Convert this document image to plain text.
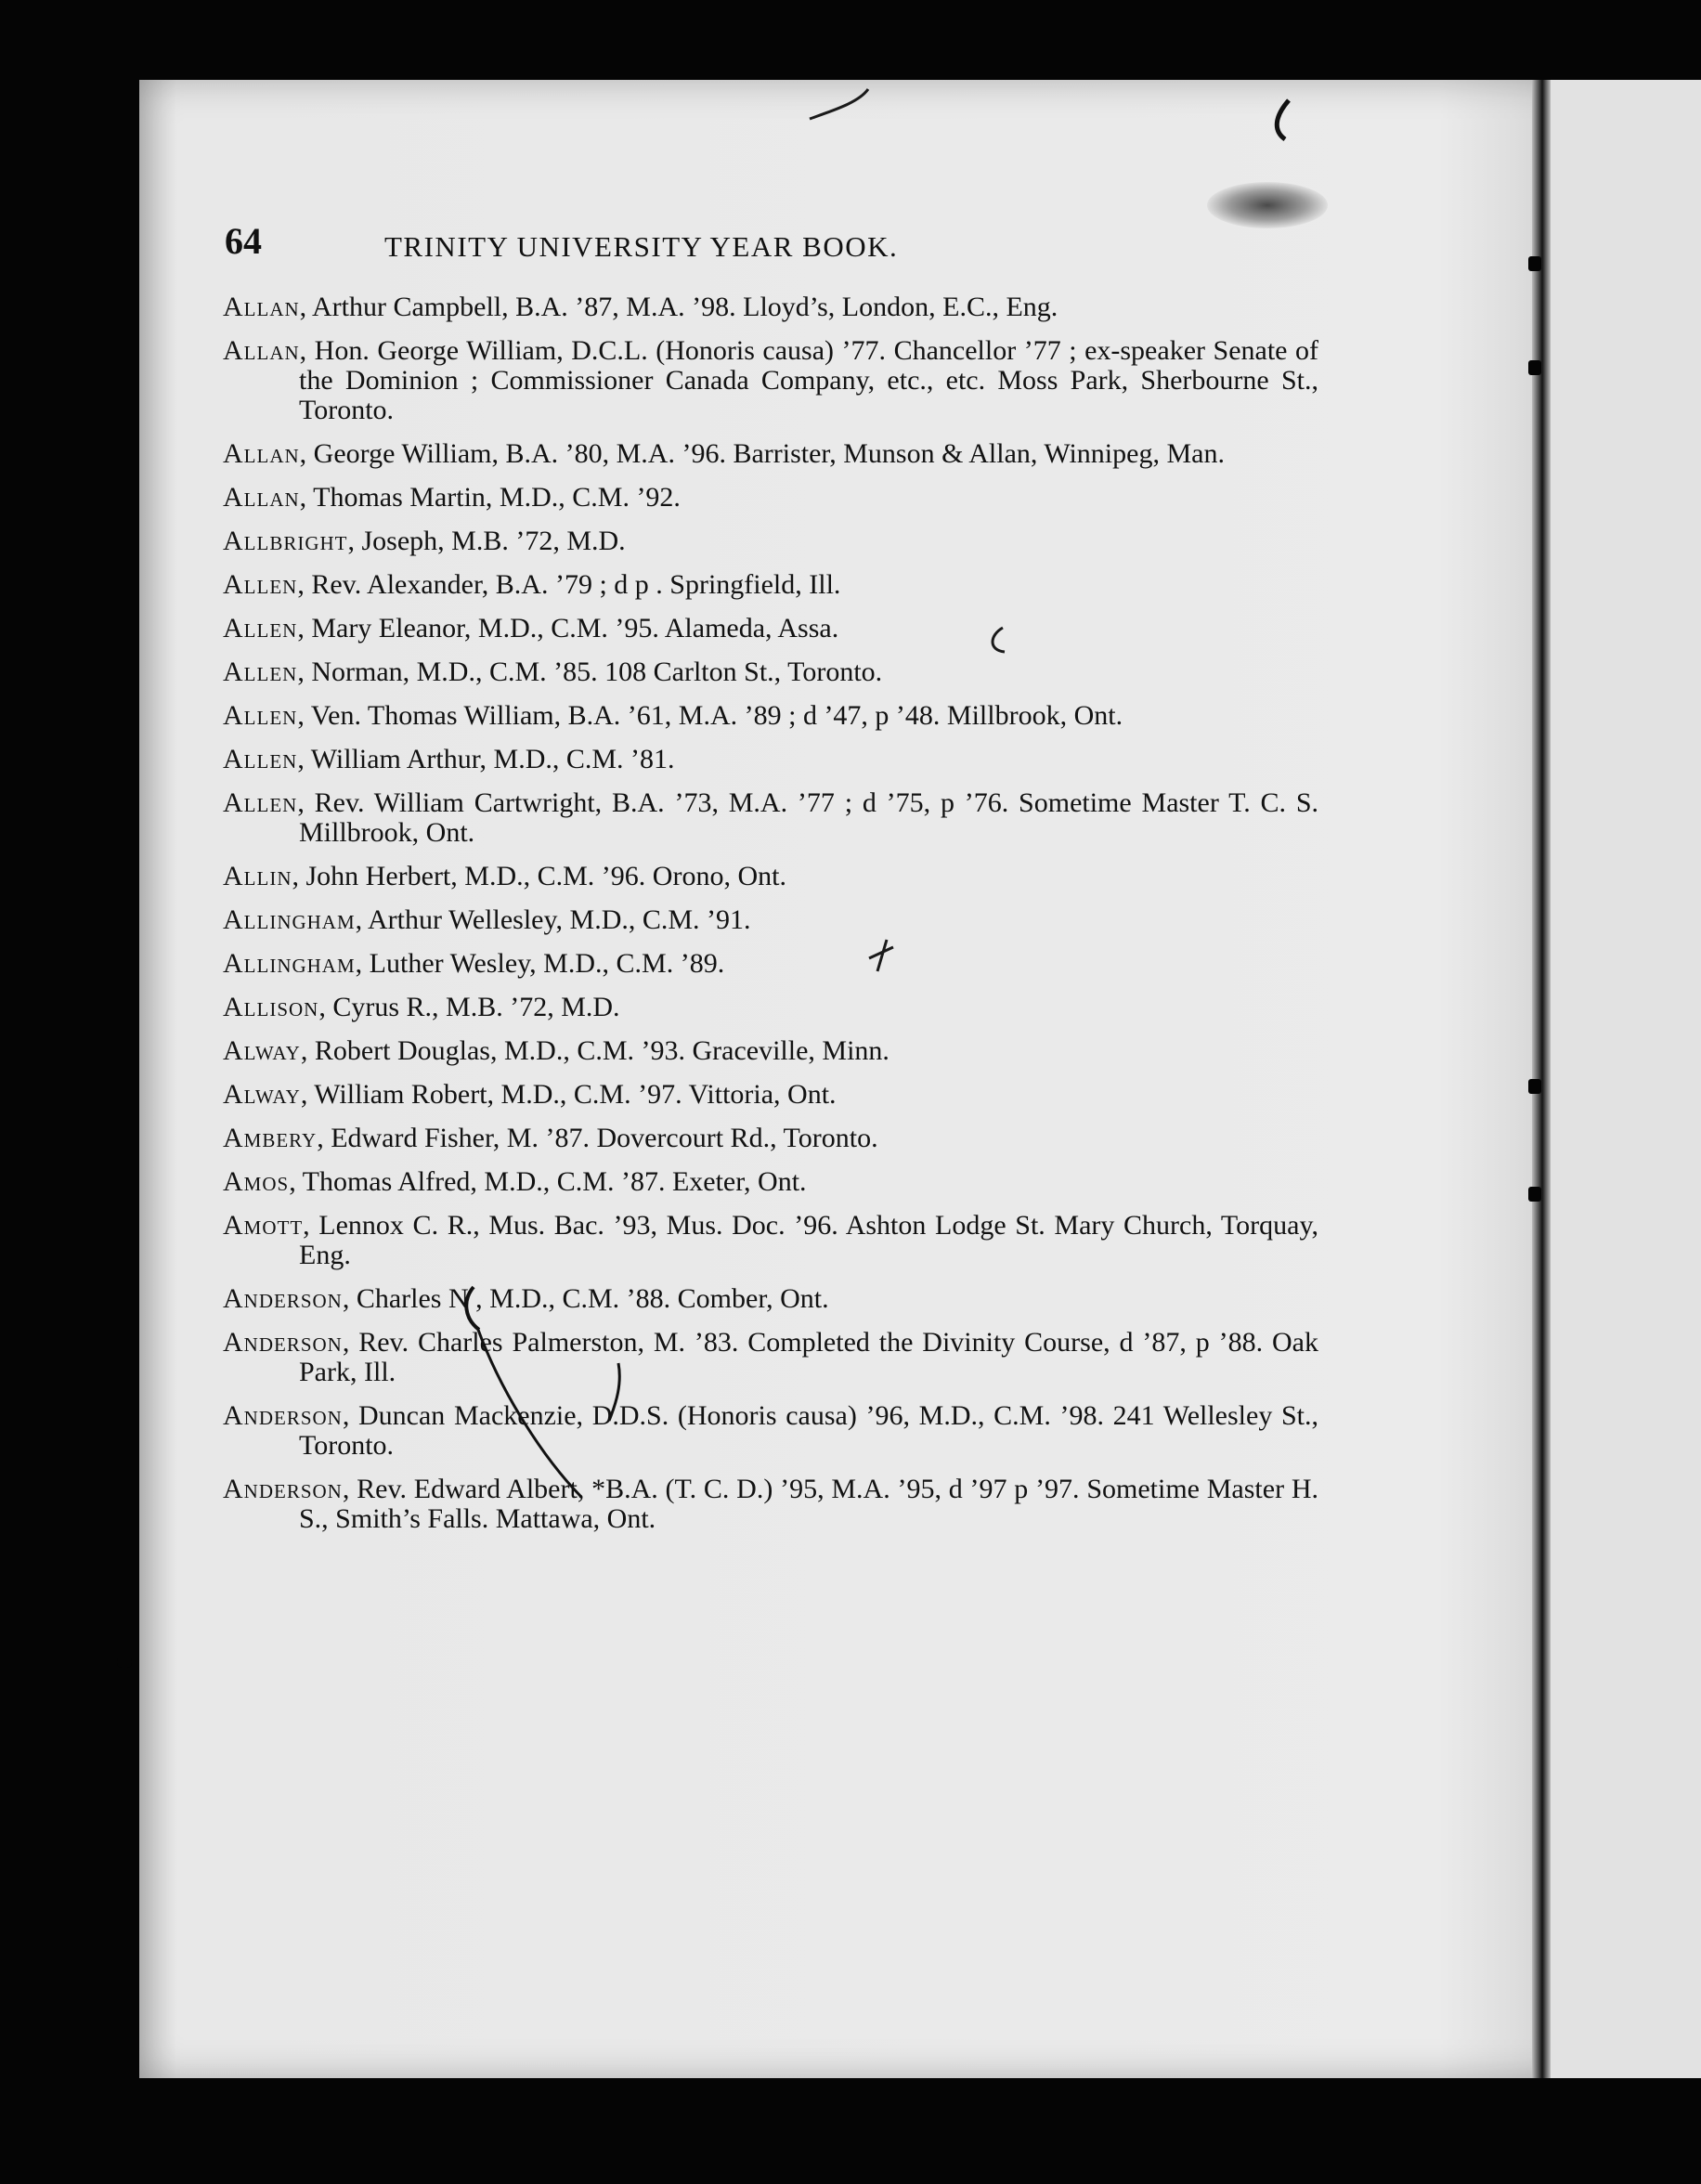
64	TRINITY UNIVERSITY YEAR BOOK.
Allan, Arthur Campbell, B.A. ’87, M.A. ’98. Lloyd’s, London, E.C., Eng.
Allan, Hon. George William, D.C.L. (Honoris causa) ’77. Chancellor ’77 ; ex-speaker Senate of the Dominion ; Commissioner Canada Company, etc., etc. Moss Park, Sherbourne St., Toronto.
Allan, George William, B.A. ’80, M.A. ’96. Barrister, Munson & Allan, Winnipeg, Man.
Allan, Thomas Martin, M.D., C.M. ’92.
Allbright, Joseph, M.B. ’72, M.D.
Allen, Rev. Alexander, B.A. ’79 ; d p . Springfield, Ill.
Allen, Mary Eleanor, M.D., C.M. ’95. Alameda, Assa.
Allen, Norman, M.D., C.M. ’85. 108 Carlton St., Toronto.
Allen, Ven. Thomas William, B.A. ’61, M.A. ’89 ; d ’47, p ’48. Millbrook, Ont.
Allen, William Arthur, M.D., C.M. ’81.
Allen, Rev. William Cartwright, B.A. ’73, M.A. ’77 ; d ’75, p ’76. Sometime Master T. C. S. Millbrook, Ont.
Allin, John Herbert, M.D., C.M. ’96. Orono, Ont.
Allingham, Arthur Wellesley, M.D., C.M. ’91.
Allingham, Luther Wesley, M.D., C.M. ’89.
Allison, Cyrus R., M.B. ’72, M.D.
Alway, Robert Douglas, M.D., C.M. ’93. Graceville, Minn.
Alway, William Robert, M.D., C.M. ’97. Vittoria, Ont.
Ambery, Edward Fisher, M. ’87. Dovercourt Rd., Toronto.
Amos, Thomas Alfred, M.D., C.M. ’87. Exeter, Ont.
Amott, Lennox C. R., Mus. Bac. ’93, Mus. Doc. ’96. Ashton Lodge St. Mary Church, Torquay, Eng.
Anderson, Charles N , M.D., C.M. ’88. Comber, Ont.
Anderson, Rev. Charles Palmerston, M. ’83. Completed the Divinity Course, d ’87, p ’88. Oak Park, Ill.
Anderson, Duncan Mackenzie, D.D.S. (Honoris causa) ’96, M.D., C.M. ’98. 241 Wellesley St., Toronto.
Anderson, Rev. Edward Albert, *B.A. (T. C. D.) ’95, M.A. ’95, d ’97 p ’97. Sometime Master H. S., Smith’s Falls. Mattawa, Ont.
